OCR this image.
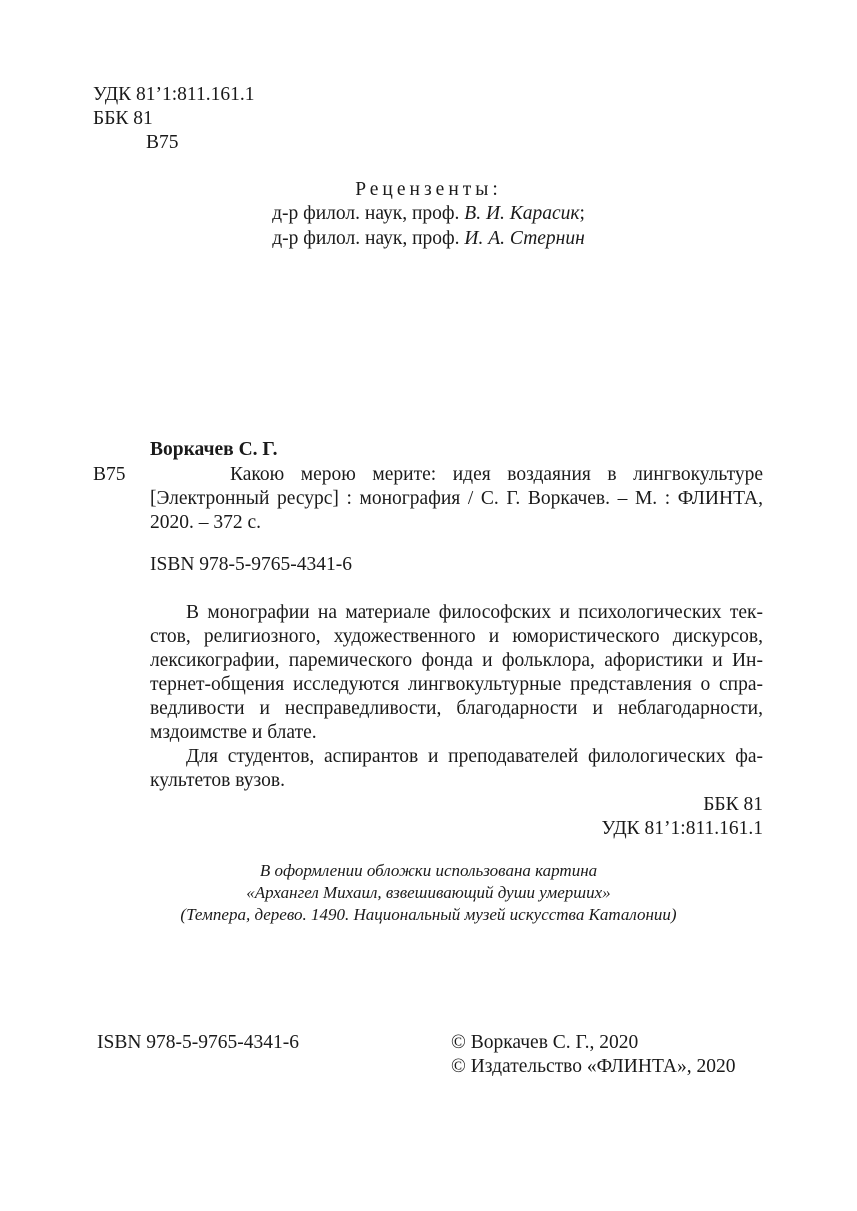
УДК 81’1:811.161.1
ББК 81
В75
Рецензенты:
д-р филол. наук, проф. В. И. Карасик;
д-р филол. наук, проф. И. А. Стернин
Воркачев С. Г.
В75	Какою мерою мерите: идея воздаяния в лингвокультуре
[Электронный ресурс] : монография / С. Г. Воркачев. – М. : ФЛИНТА,
2020. – 372 с.
ISBN 978-5-9765-4341-6
В монографии на материале философских и психологических тек-
стов, религиозного, художественного и юмористического дискурсов,
лексикографии, паремического фонда и фольклора, афористики и Ин-
тернет-общения исследуются лингвокультурные представления о спра-
ведливости и несправедливости, благодарности и неблагодарности,
мздоимстве и блате.
Для студентов, аспирантов и преподавателей филологических фа-
культетов вузов.
ББК 81
УДК 81’1:811.161.1
В оформлении обложки использована картина
«Архангел Михаил, взвешивающий души умерших»
(Темпера, дерево. 1490. Национальный музей искусства Каталонии)
ISBN 978-5-9765-4341-6	© Воркачев С. Г., 2020
© Издательство «ФЛИНТА», 2020
